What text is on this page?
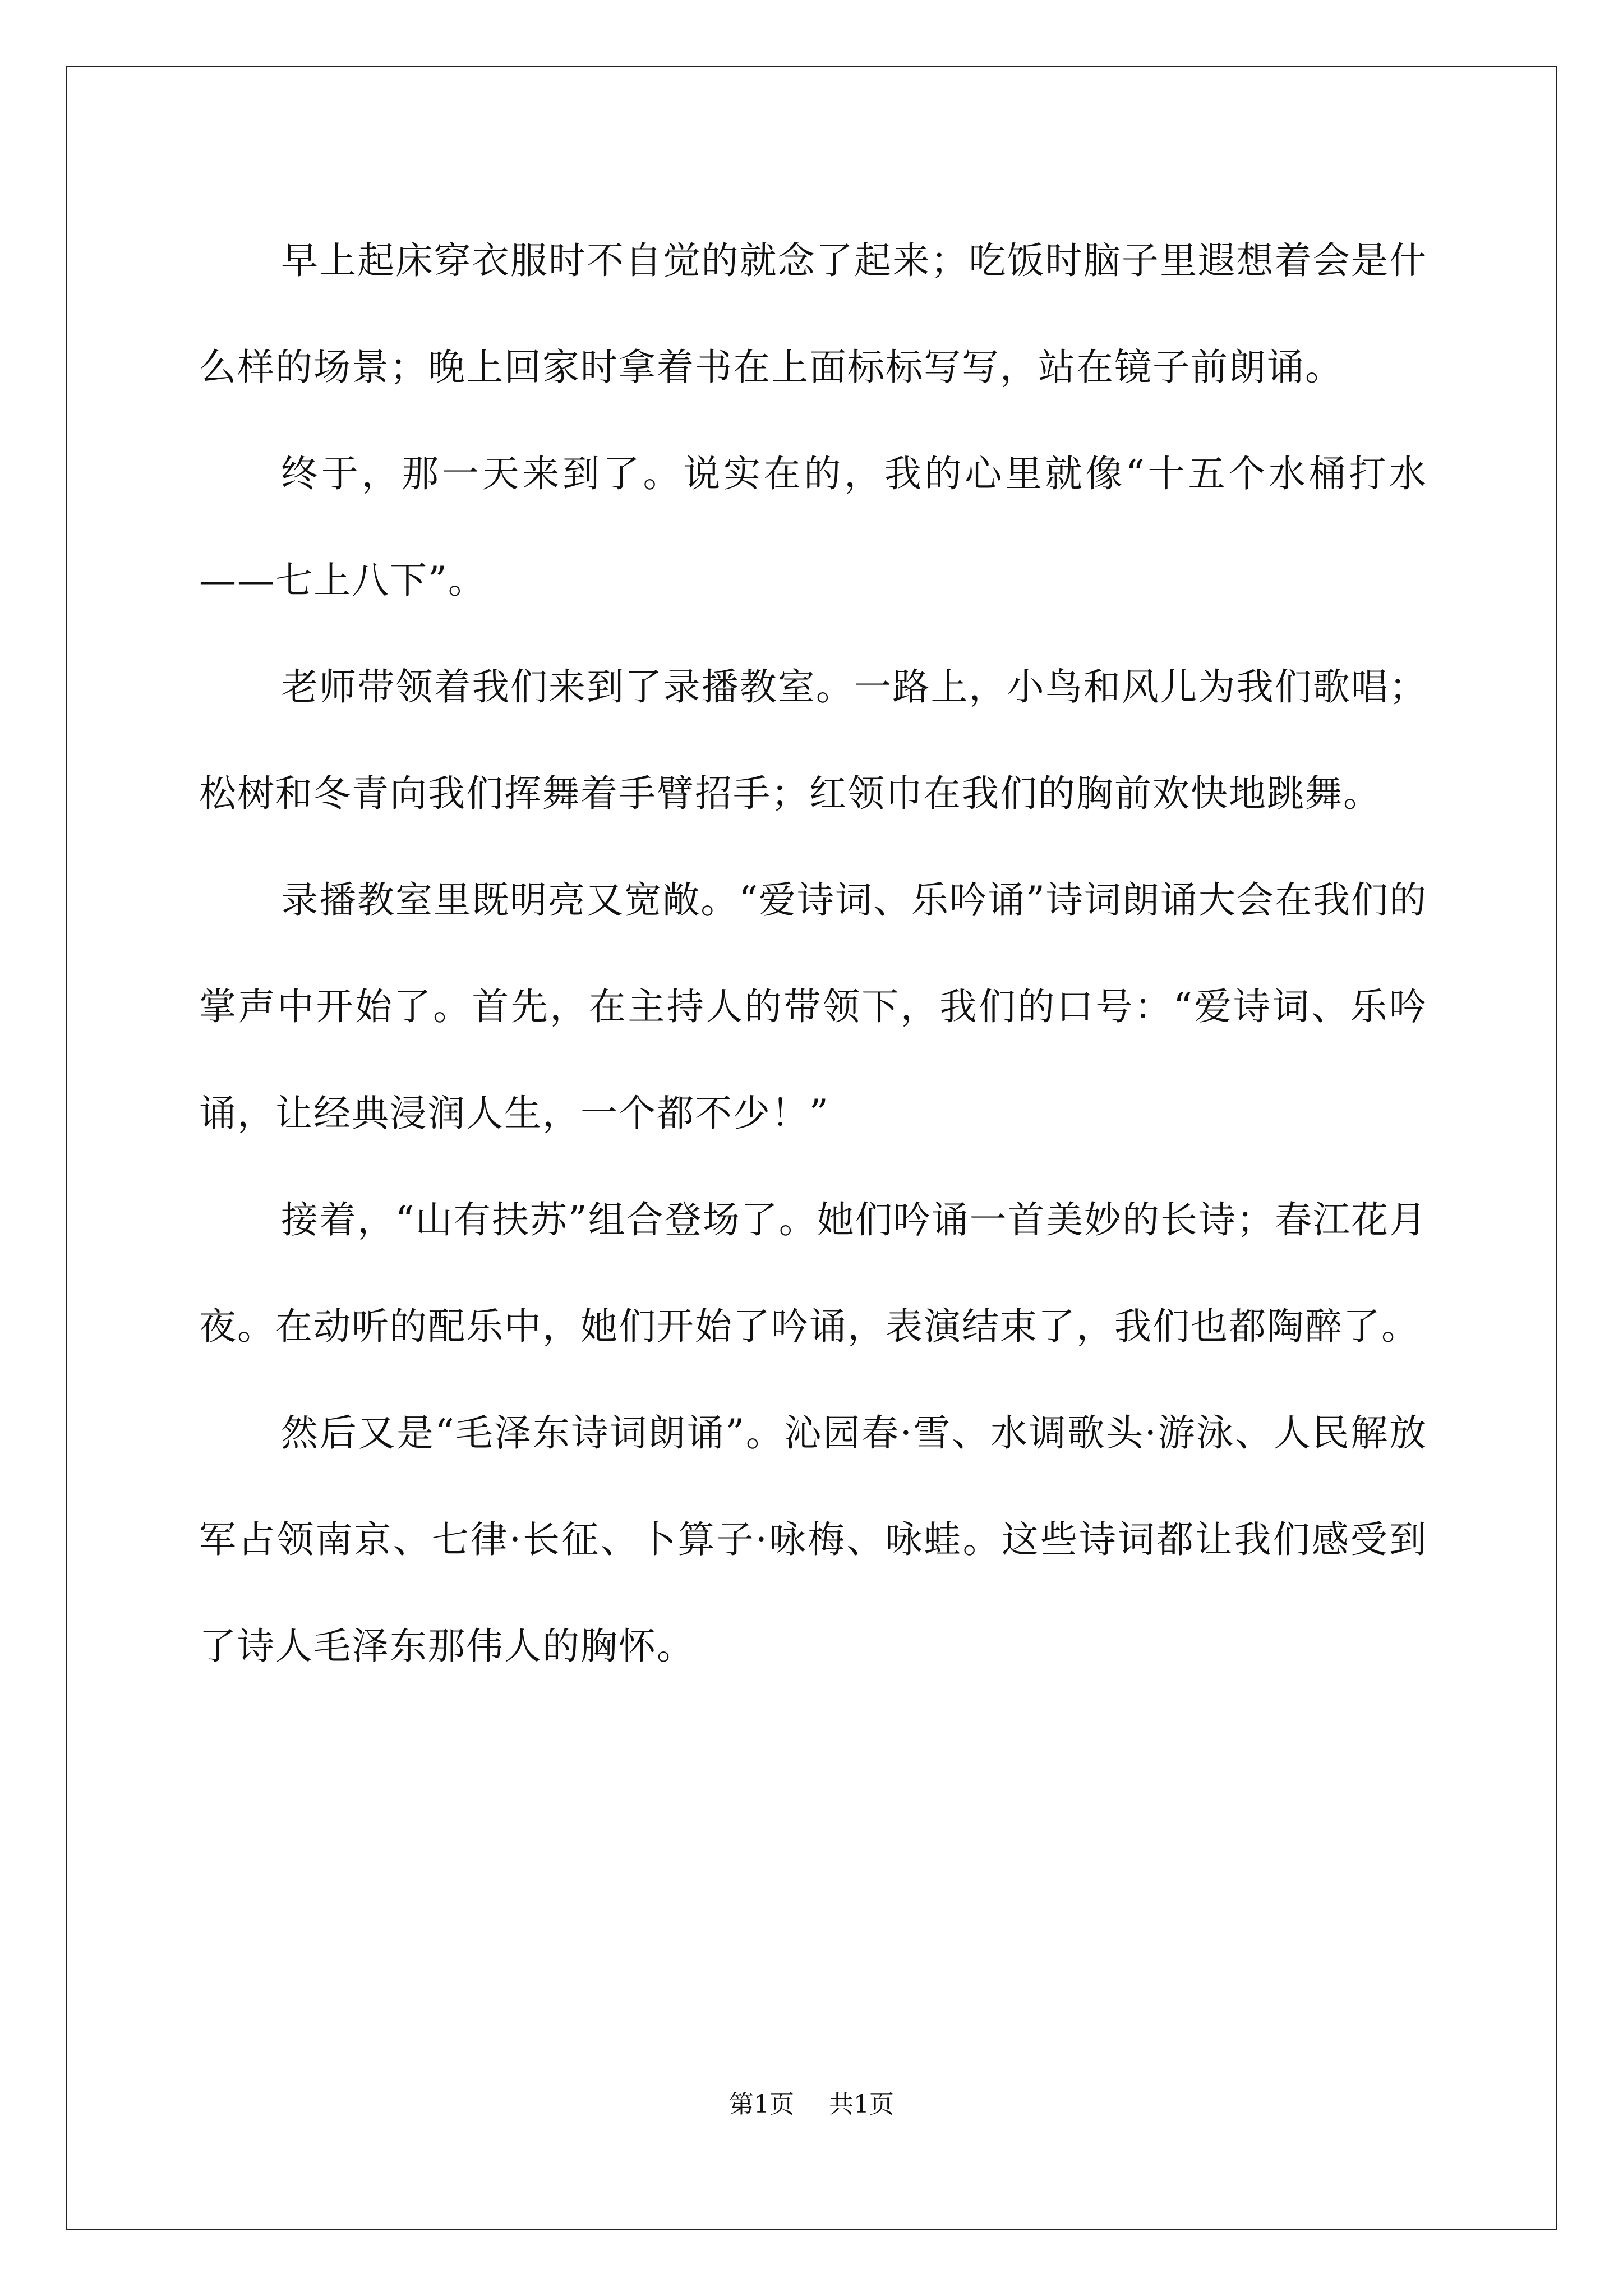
早上起床穿衣服时不自觉的就念了起来；吃饭时脑子里遐想着会是什么样的场景；晚上回家时拿着书在上面标标写写，站在镜子前朗诵。

终于，那一天来到了。说实在的，我的心里就像“十五个水桶打水——七上八下”。

老师带领着我们来到了录播教室。一路上，小鸟和风儿为我们歌唱；松树和冬青向我们挥舞着手臂招手；红领巾在我们的胸前欢快地跳舞。

录播教室里既明亮又宽敞。“爱诗词、乐吟诵”诗词朗诵大会在我们的掌声中开始了。首先，在主持人的带领下，我们的口号：“爱诗词、乐吟诵，让经典浸润人生，一个都不少！”

接着，“山有扶苏”组合登场了。她们吟诵一首美妙的长诗；春江花月夜。在动听的配乐中，她们开始了吟诵，表演结束了，我们也都陶醉了。

然后又是“毛泽东诗词朗诵”。沁园春·雪、水调歌头·游泳、人民解放军占领南京、七律·长征、卜算子·咏梅、咏蛙。这些诗词都让我们感受到了诗人毛泽东那伟人的胸怀。

第1页 共1页
